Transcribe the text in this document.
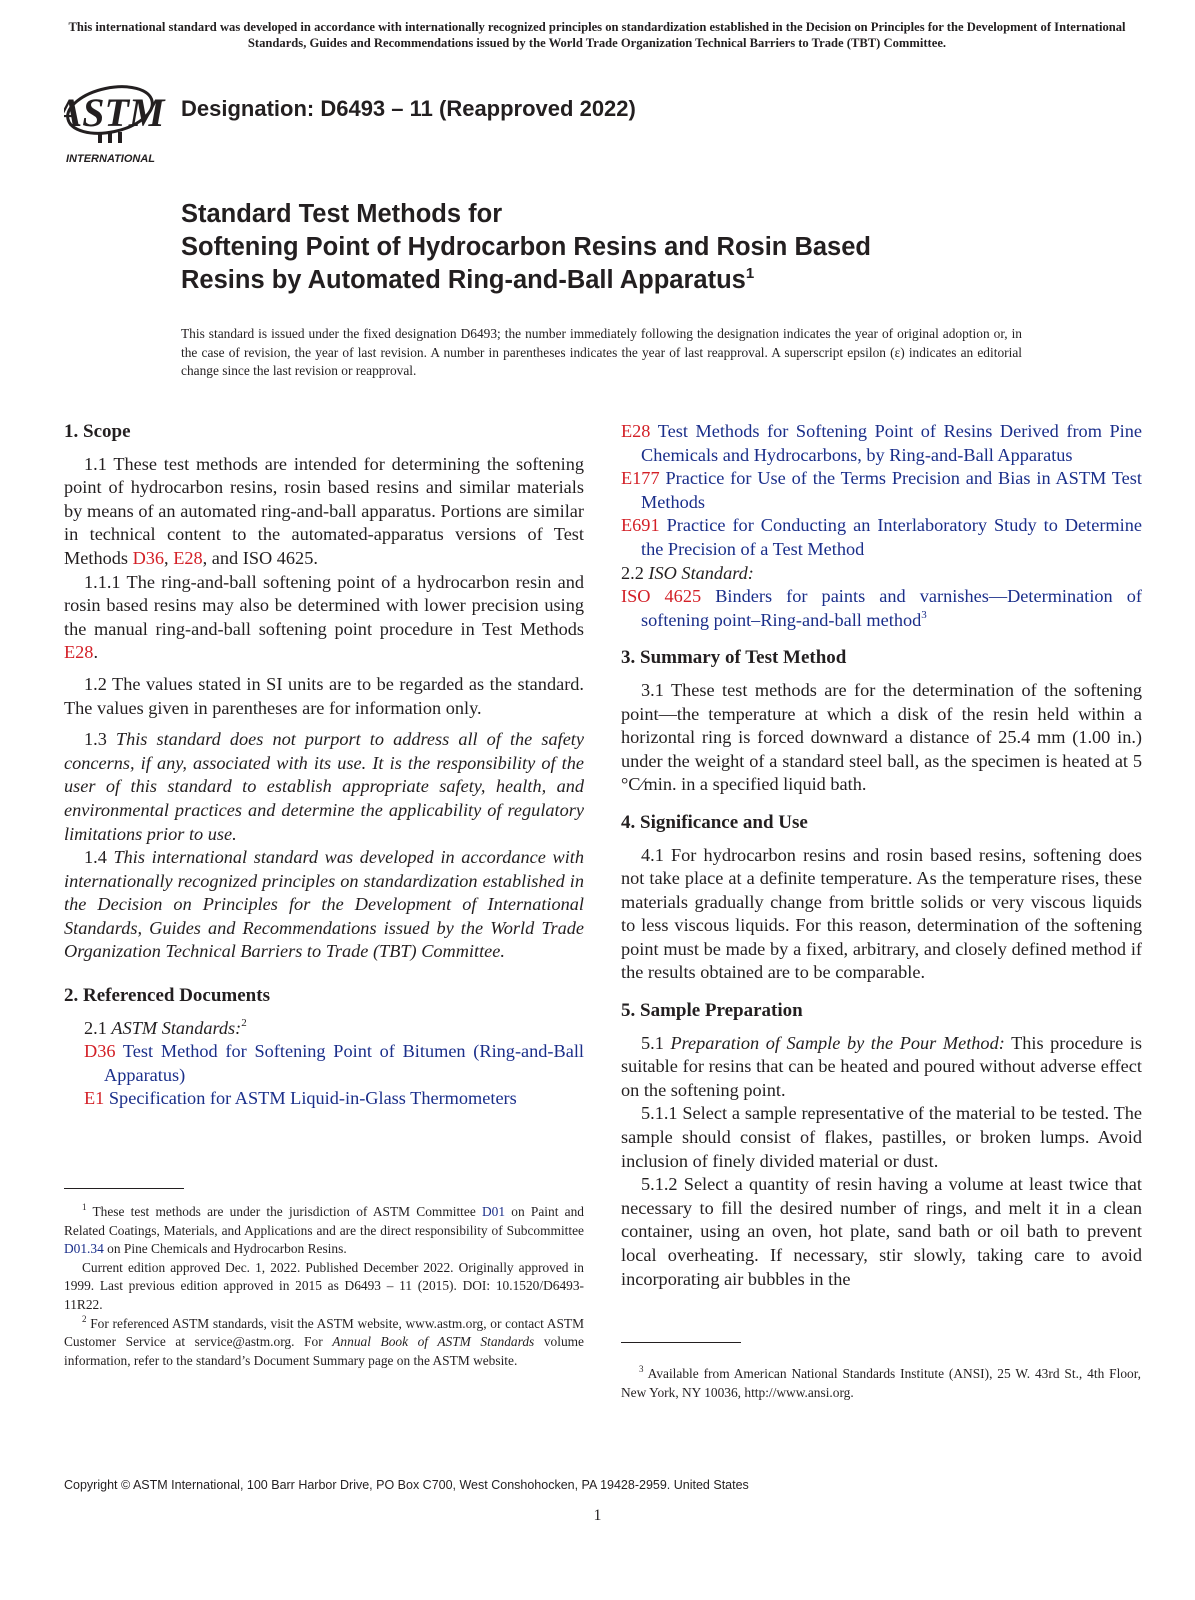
This international standard was developed in accordance with internationally recognized principles on standardization established in the Decision on Principles for the Development of International Standards, Guides and Recommendations issued by the World Trade Organization Technical Barriers to Trade (TBT) Committee.
ASTM
INTERNATIONAL
Designation: D6493 – 11 (Reapproved 2022)
Standard Test Methods for
Softening Point of Hydrocarbon Resins and Rosin Based
Resins by Automated Ring-and-Ball Apparatus$^1$
This standard is issued under the fixed designation D6493; the number immediately following the designation indicates the year of original adoption or, in the case of revision, the year of last revision. A number in parentheses indicates the year of last reapproval. A superscript epsilon (ε) indicates an editorial change since the last revision or reapproval.
1. Scope

1.1 These test methods are intended for determining the softening point of hydrocarbon resins, rosin based resins and similar materials by means of an automated ring-and-ball apparatus. Portions are similar in technical content to the automated-apparatus versions of Test Methods D36, E28, and ISO 4625.

1.1.1 The ring-and-ball softening point of a hydrocarbon resin and rosin based resins may also be determined with lower precision using the manual ring-and-ball softening point procedure in Test Methods E28.

1.2 The values stated in SI units are to be regarded as the standard. The values given in parentheses are for information only.

1.3 This standard does not purport to address all of the safety concerns, if any, associated with its use. It is the responsibility of the user of this standard to establish appropriate safety, health, and environmental practices and determine the applicability of regulatory limitations prior to use.

1.4 This international standard was developed in accordance with internationally recognized principles on standardization established in the Decision on Principles for the Development of International Standards, Guides and Recommendations issued by the World Trade Organization Technical Barriers to Trade (TBT) Committee.

2. Referenced Documents

2.1 ASTM Standards:$^2$

D36 Test Method for Softening Point of Bitumen (Ring-and-Ball Apparatus)

E1 Specification for ASTM Liquid-in-Glass Thermometers

$^1$ These test methods are under the jurisdiction of ASTM Committee D01 on Paint and Related Coatings, Materials, and Applications and are the direct responsibility of Subcommittee D01.34 on Pine Chemicals and Hydrocarbon Resins.

Current edition approved Dec. 1, 2022. Published December 2022. Originally approved in 1999. Last previous edition approved in 2015 as D6493 – 11 (2015). DOI: 10.1520/D6493-11R22.

$^2$ For referenced ASTM standards, visit the ASTM website, www.astm.org, or contact ASTM Customer Service at service@astm.org. For Annual Book of ASTM Standards volume information, refer to the standard’s Document Summary page on the ASTM website.

E28 Test Methods for Softening Point of Resins Derived from Pine Chemicals and Hydrocarbons, by Ring-and-Ball Apparatus

E177 Practice for Use of the Terms Precision and Bias in ASTM Test Methods

E691 Practice for Conducting an Interlaboratory Study to Determine the Precision of a Test Method

2.2 ISO Standard:

ISO 4625 Binders for paints and varnishes—Determination of softening point–Ring-and-ball method$^3$

3. Summary of Test Method

3.1 These test methods are for the determination of the softening point—the temperature at which a disk of the resin held within a horizontal ring is forced downward a distance of 25.4 mm (1.00 in.) under the weight of a standard steel ball, as the specimen is heated at 5 °C⁄min. in a specified liquid bath.

4. Significance and Use

4.1 For hydrocarbon resins and rosin based resins, softening does not take place at a definite temperature. As the temperature rises, these materials gradually change from brittle solids or very viscous liquids to less viscous liquids. For this reason, determination of the softening point must be made by a fixed, arbitrary, and closely defined method if the results obtained are to be comparable.

5. Sample Preparation

5.1 Preparation of Sample by the Pour Method: This procedure is suitable for resins that can be heated and poured without adverse effect on the softening point.

5.1.1 Select a sample representative of the material to be tested. The sample should consist of flakes, pastilles, or broken lumps. Avoid inclusion of finely divided material or dust.

5.1.2 Select a quantity of resin having a volume at least twice that necessary to fill the desired number of rings, and melt it in a clean container, using an oven, hot plate, sand bath or oil bath to prevent local overheating. If necessary, stir slowly, taking care to avoid incorporating air bubbles in the

$^3$ Available from American National Standards Institute (ANSI), 25 W. 43rd St., 4th Floor, New York, NY 10036, http://www.ansi.org.

Copyright © ASTM International, 100 Barr Harbor Drive, PO Box C700, West Conshohocken, PA 19428-2959. United States
1
